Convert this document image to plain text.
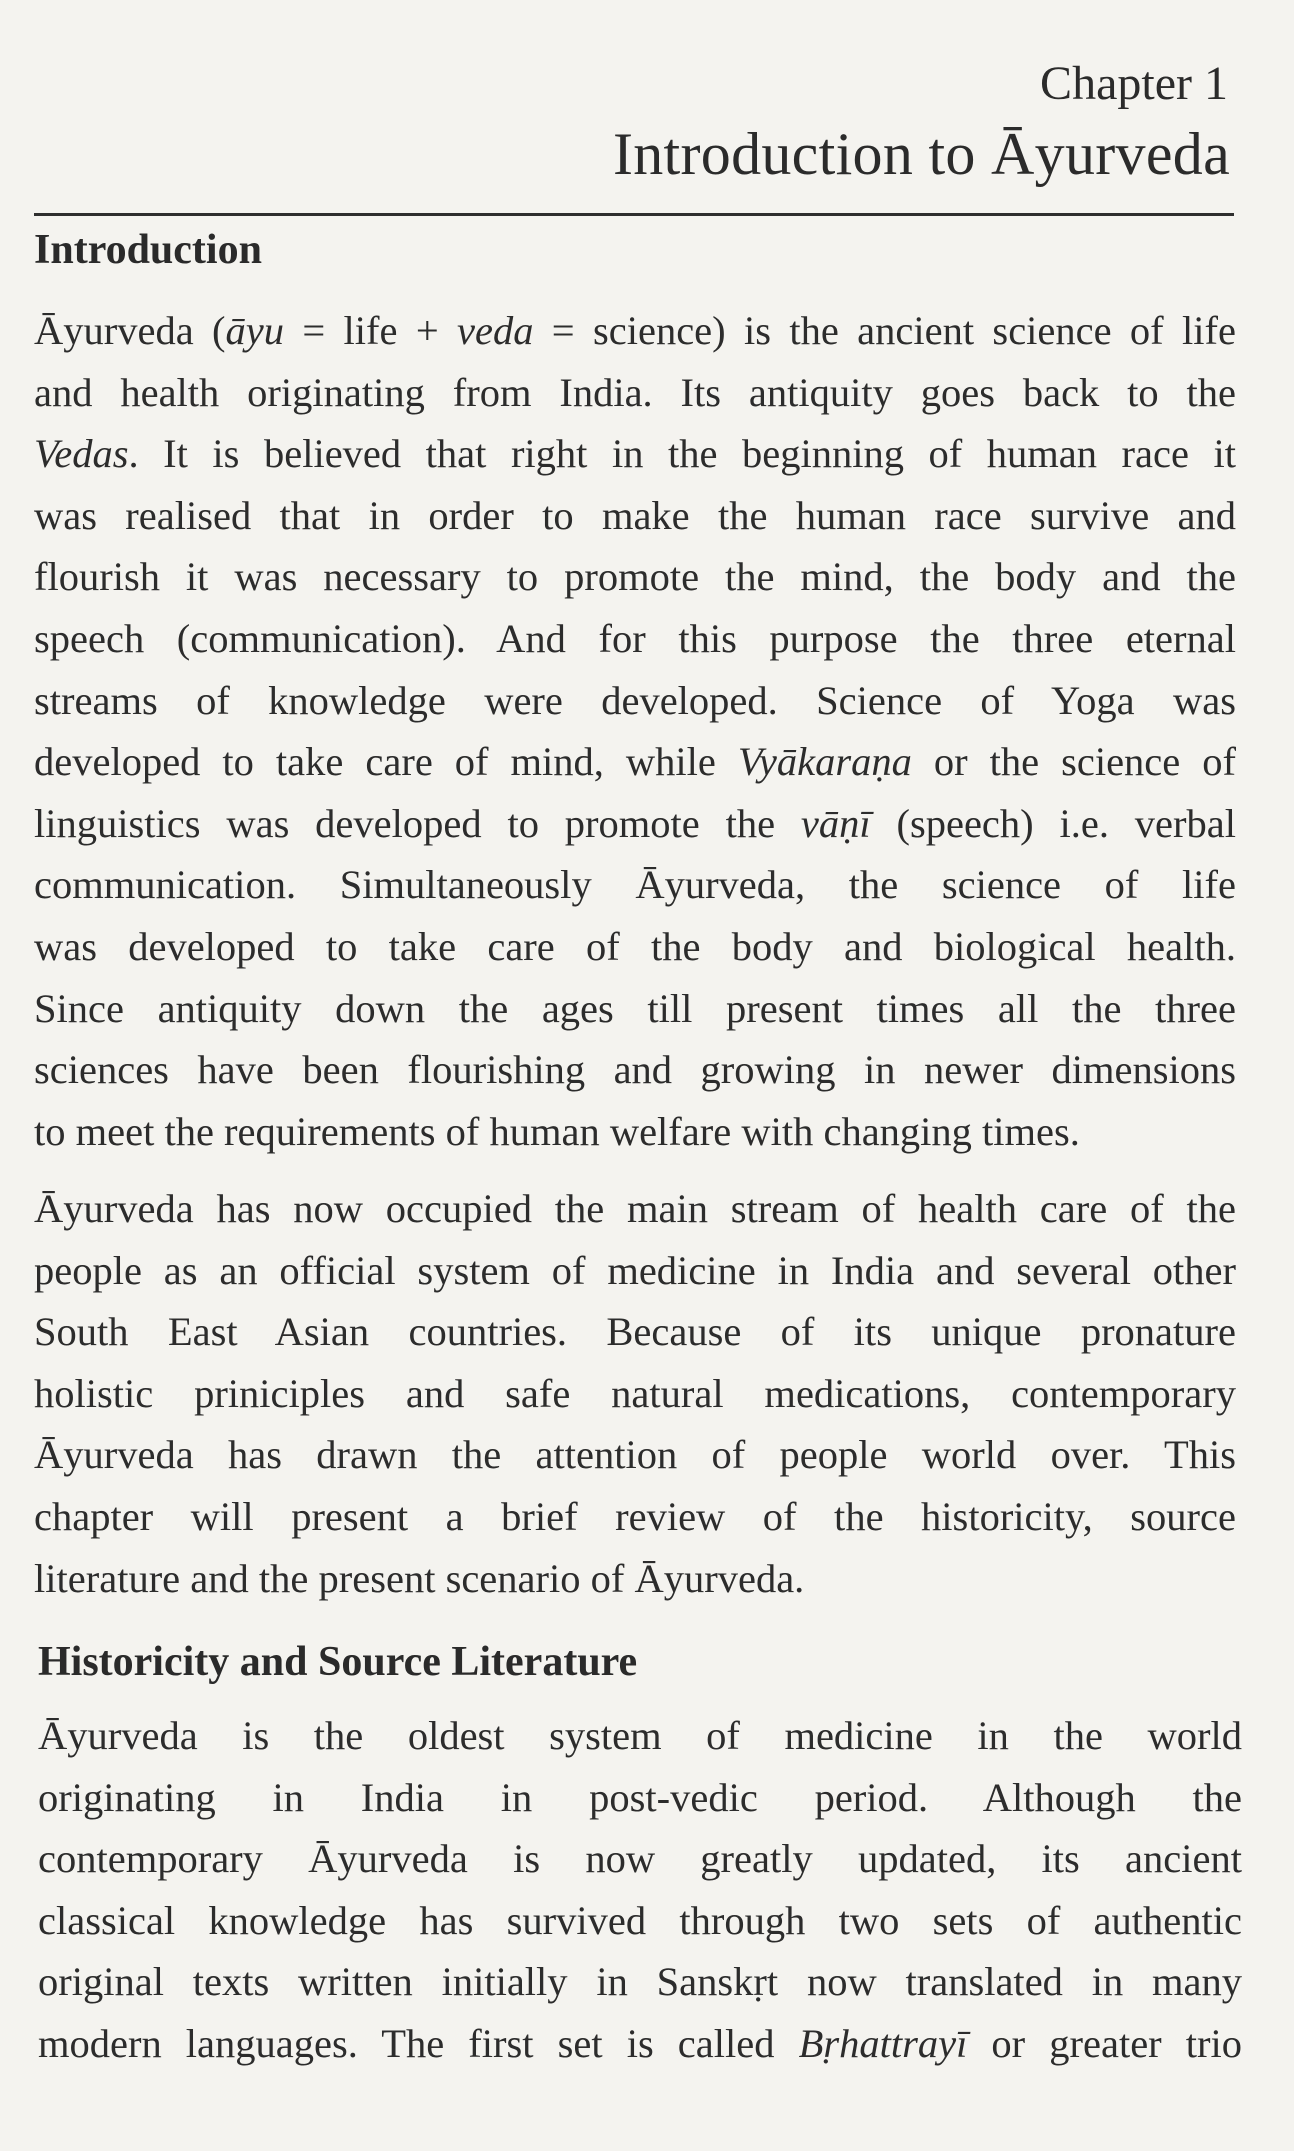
Chapter 1
Introduction to Āyurveda
Introduction
Āyurveda (āyu = life + veda = science) is the ancient science of life
and health originating from India. Its antiquity goes back to the
Vedas. It is believed that right in the beginning of human race it
was realised that in order to make the human race survive and
flourish it was necessary to promote the mind, the body and the
speech (communication). And for this purpose the three eternal
streams of knowledge were developed. Science of Yoga was
developed to take care of mind, while Vyākaraṇa or the science of
linguistics was developed to promote the vāṇī (speech) i.e. verbal
communication. Simultaneously Āyurveda, the science of life
was developed to take care of the body and biological health.
Since antiquity down the ages till present times all the three
sciences have been flourishing and growing in newer dimensions
to meet the requirements of human welfare with changing times.
Āyurveda has now occupied the main stream of health care of the
people as an official system of medicine in India and several other
South East Asian countries. Because of its unique pronature
holistic priniciples and safe natural medications, contemporary
Āyurveda has drawn the attention of people world over. This
chapter will present a brief review of the historicity, source
literature and the present scenario of Āyurveda.
Historicity and Source Literature
Āyurveda is the oldest system of medicine in the world
originating in India in post-vedic period. Although the
contemporary Āyurveda is now greatly updated, its ancient
classical knowledge has survived through two sets of authentic
original texts written initially in Sanskṛt now translated in many
modern languages. The first set is called Bṛhattrayī or greater trio
